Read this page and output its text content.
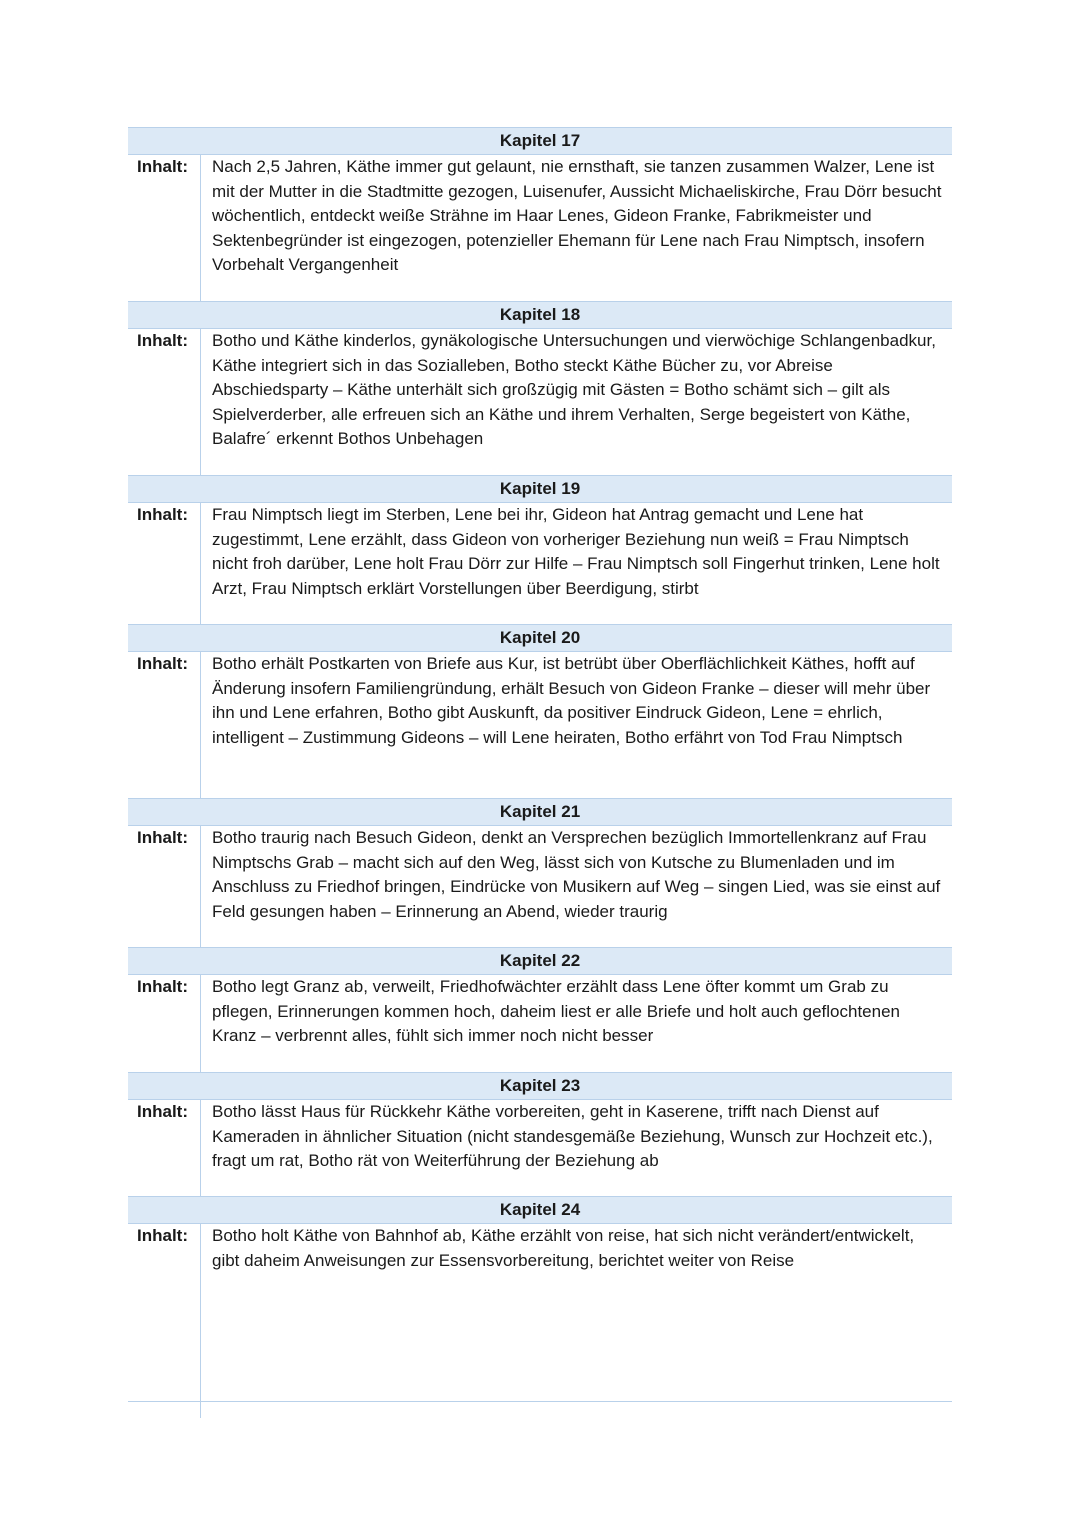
Kapitel 17
Inhalt:	Nach 2,5 Jahren, Käthe immer gut gelaunt, nie ernsthaft, sie tanzen zusammen Walzer, Lene ist mit der Mutter in die Stadtmitte gezogen, Luisenufer, Aussicht Michaeliskirche, Frau Dörr besucht wöchentlich, entdeckt weiße Strähne im Haar Lenes, Gideon Franke, Fabrikmeister und Sektenbegründer ist eingezogen, potenzieller Ehemann für Lene nach Frau Nimptsch, insofern Vorbehalt Vergangenheit
Kapitel 18
Inhalt:	Botho und Käthe kinderlos, gynäkologische Untersuchungen und vierwöchige Schlangenbadkur, Käthe integriert sich in das Sozialleben, Botho steckt Käthe Bücher zu, vor Abreise Abschiedsparty – Käthe unterhält sich großzügig mit Gästen = Botho schämt sich – gilt als Spielverderber, alle erfreuen sich an Käthe und ihrem Verhalten, Serge begeistert von Käthe, Balafre´ erkennt Bothos Unbehagen
Kapitel 19
Inhalt:	Frau Nimptsch liegt im Sterben, Lene bei ihr, Gideon hat Antrag gemacht und Lene hat zugestimmt, Lene erzählt, dass Gideon von vorheriger Beziehung nun weiß = Frau Nimptsch nicht froh darüber, Lene holt Frau Dörr zur Hilfe – Frau Nimptsch soll Fingerhut trinken, Lene holt Arzt, Frau Nimptsch erklärt Vorstellungen über Beerdigung, stirbt
Kapitel 20
Inhalt:	Botho erhält Postkarten von Briefe aus Kur, ist betrübt über Oberflächlichkeit Käthes, hofft auf Änderung insofern Familiengründung, erhält Besuch von Gideon Franke – dieser will mehr über ihn und Lene erfahren, Botho gibt Auskunft, da positiver Eindruck Gideon, Lene = ehrlich, intelligent – Zustimmung Gideons – will Lene heiraten, Botho erfährt von Tod Frau Nimptsch
Kapitel 21
Inhalt:	Botho traurig nach Besuch Gideon, denkt an Versprechen bezüglich Immortellenkranz auf Frau Nimptschs Grab – macht sich auf den Weg, lässt sich von Kutsche zu Blumenladen und im Anschluss zu Friedhof bringen, Eindrücke von Musikern auf Weg – singen Lied, was sie einst auf Feld gesungen haben – Erinnerung an Abend, wieder traurig
Kapitel 22
Inhalt:	Botho legt Granz ab, verweilt, Friedhofwächter erzählt dass Lene öfter kommt um Grab zu pflegen, Erinnerungen kommen hoch, daheim liest er alle Briefe und holt auch geflochtenen Kranz – verbrennt alles, fühlt sich immer noch nicht besser
Kapitel 23
Inhalt:	Botho lässt Haus für Rückkehr Käthe vorbereiten, geht in Kaserene, trifft nach Dienst auf Kameraden in ähnlicher Situation (nicht standesgemäße Beziehung, Wunsch zur Hochzeit etc.), fragt um rat, Botho rät von Weiterführung der Beziehung ab
Kapitel 24
Inhalt:	Botho holt Käthe von Bahnhof ab, Käthe erzählt von reise, hat sich nicht verändert/entwickelt, gibt daheim Anweisungen zur Essensvorbereitung, berichtet weiter von Reise
